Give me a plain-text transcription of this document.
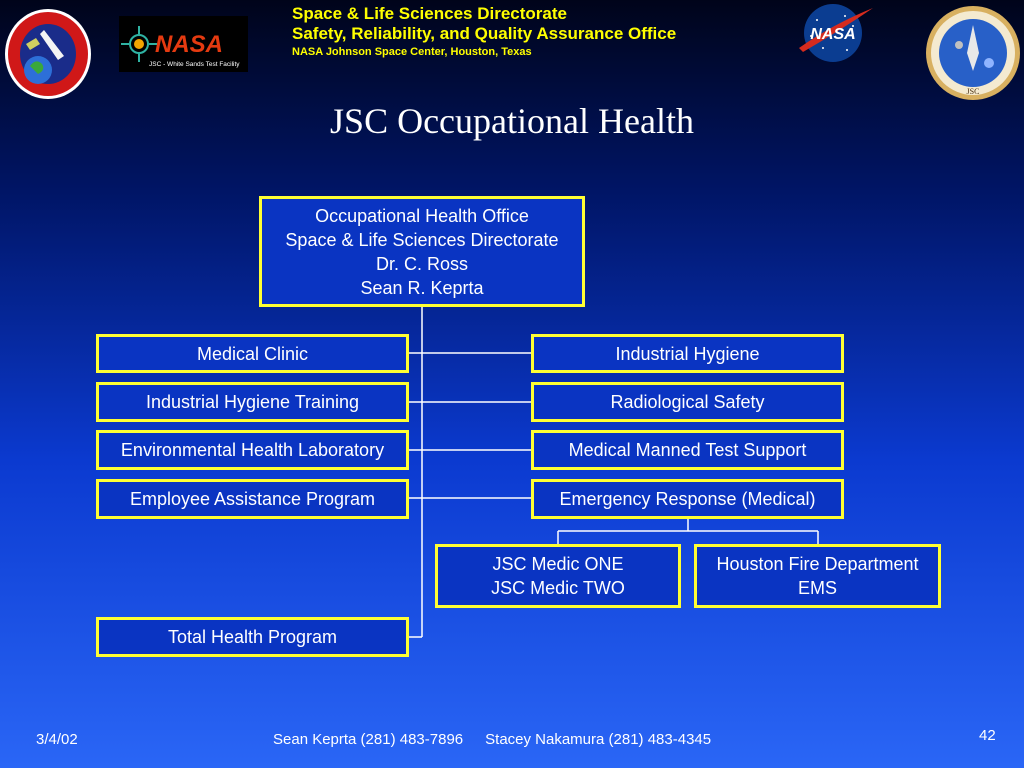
Space & Life Sciences Directorate
Safety, Reliability, and Quality Assurance Office
NASA Johnson Space Center, Houston, Texas
NASA
JSC - White Sands Test Facility
NASA
JSC
JSC Occupational Health
Occupational Health Office
Space & Life Sciences Directorate
Dr. C. Ross
Sean R. Keprta
Medical Clinic
Industrial Hygiene Training
Environmental Health Laboratory
Employee Assistance Program
Total Health Program
Industrial Hygiene
Radiological Safety
Medical Manned Test Support
Emergency Response (Medical)
JSC Medic ONE
JSC Medic TWO
Houston Fire Department
EMS
3/4/02	Sean Keprta (281) 483-7896 Stacey Nakamura (281) 483-4345	42
